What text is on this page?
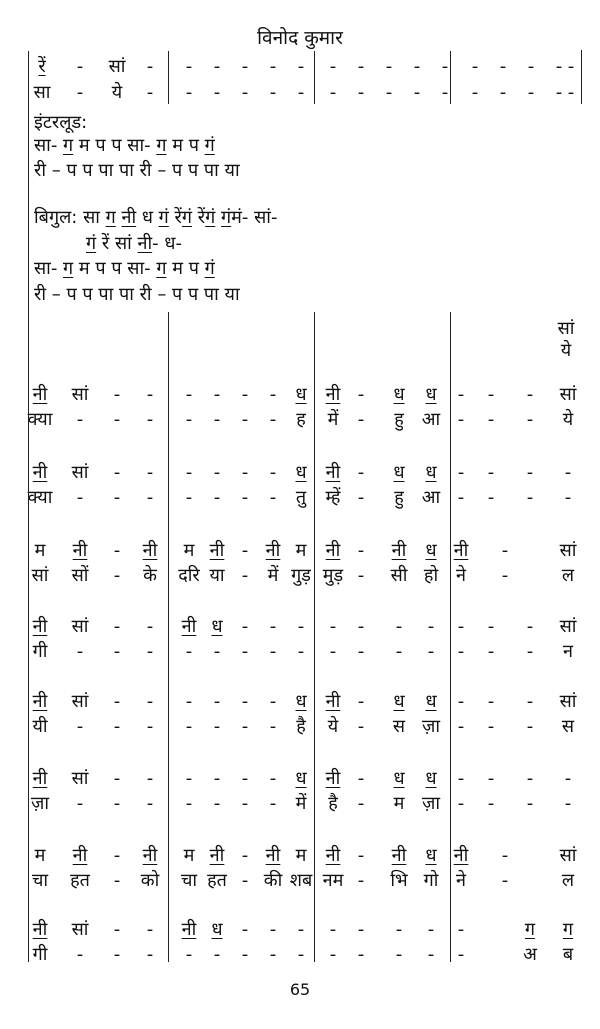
विनोद कुमार
रें - सां - - - - - - - - - - - - - - - -
सा - ये - - - - - - - - - - - - - - - -
इंटरलूड:
सा- ग म प प सा- ग म प गं
री – प प पा पा री – प प पा या
बिगुल: सा ग नी ध गं रेंगं रेंगं गंमं- सां-
गं रें सां नी- ध-
सा- ग म प प सा- ग म प गं
री – प प पा पा री – प प पा या
सां
ये
नी सां - - - - - - ध नी - ध ध - - - सां
क्या - - - - - - - ह में - हु आ - - - ये
नी सां - - - - - - ध नी - ध ध - - - -
क्या - - - - - - - तु म्हें - हु आ - - - -
म नी - नी म नी - नी म नी - नी ध नी -	सां
सां सों - के दरि या - में गुड़ मुड़ - सी हो ने -	ल
नी सां - - नी ध - - - - - - - - - - सां
गी - - - - - - - - - - - - - - - न
नी सां - - - - - - ध नी - ध ध - - - सां
यी - - - - - - - है ये - स ज़ा - - - स
नी सां - - - - - - ध नी - ध ध - - - -
ज़ा - - - - - - - में है - म ज़ा - - - -
म नी - नी म नी - नी म नी - नी ध नी -	सां
चा हत - को चा हत - की शब नम - भि गो ने -	ल
नी सां - - नी ध - - - - - - - -	ग ग
गी - - - - - - - - - - - - -	अ ब
65
